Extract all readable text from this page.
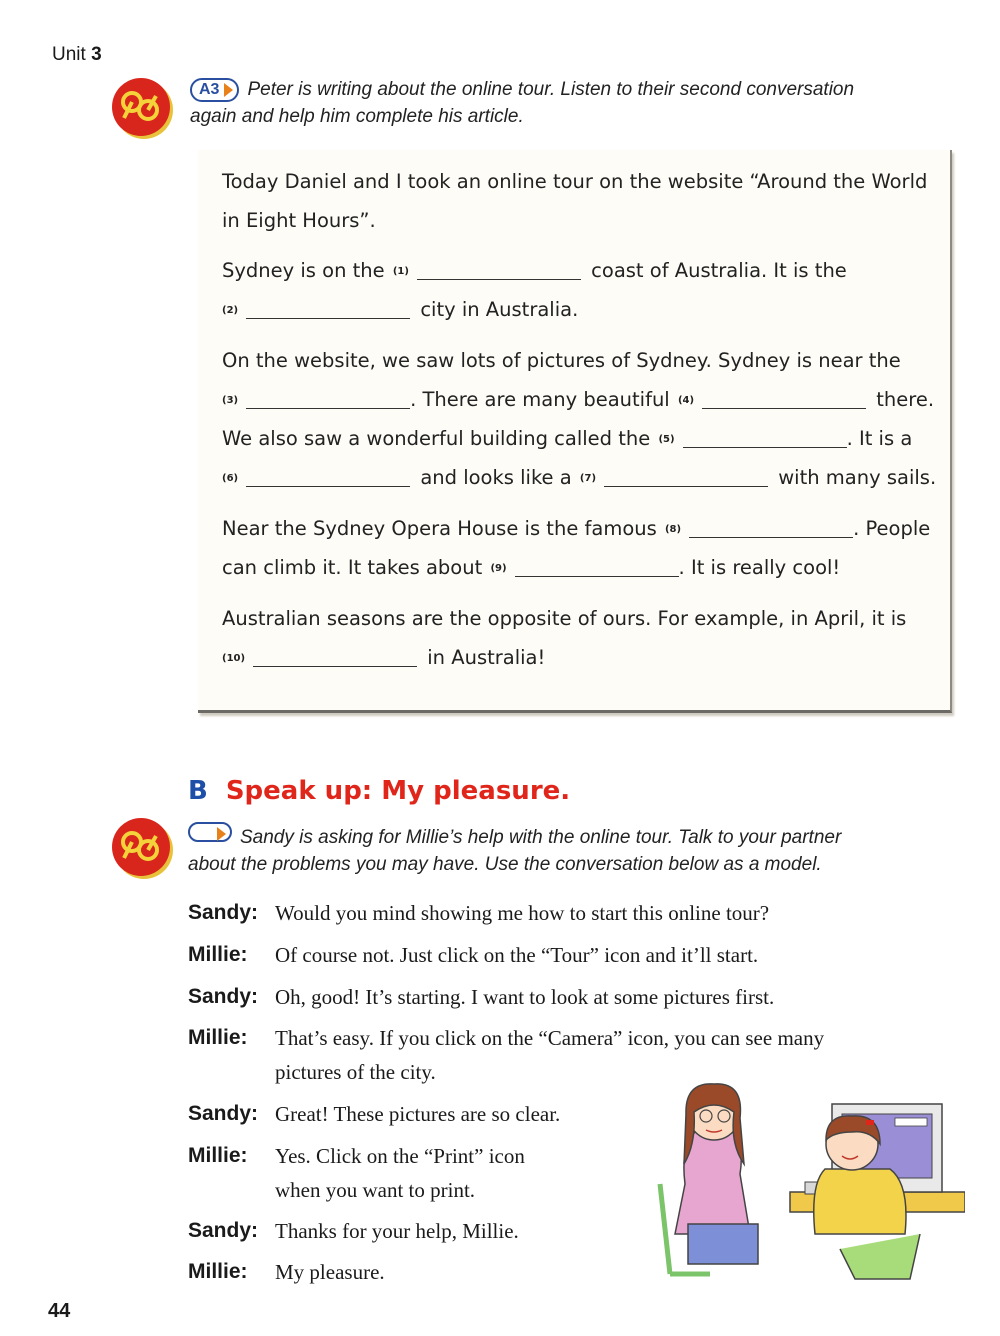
Unit 3
A3 Peter is writing about the online tour. Listen to their second conversation
again and help him complete his article.
Today Daniel and I took an online tour on the website “Around the World
in Eight Hours”.
Sydney is on the (1)	coast of Australia. It is the
(2)	city in Australia.
On the website, we saw lots of pictures of Sydney. Sydney is near the
(3)	. There are many beautiful (4)	there.
We also saw a wonderful building called the (5)	. It is a
(6)	and looks like a (7)	with many sails.
Near the Sydney Opera House is the famous (8)	. People
can climb it. It takes about (9)	. It is really cool!
Australian seasons are the opposite of ours. For example, in April, it is
(10)	in Australia!
B Speak up: My pleasure.
Sandy is asking for Millie’s help with the online tour. Talk to your partner
about the problems you may have. Use the conversation below as a model.
Sandy: Would you mind showing me how to start this online tour?
Millie: Of course not. Just click on the “Tour” icon and it’ll start.
Sandy: Oh, good! It’s starting. I want to look at some pictures first.
Millie: That’s easy. If you click on the “Camera” icon, you can see many
pictures of the city.
Sandy: Great! These pictures are so clear.
Millie: Yes. Click on the “Print” icon
when you want to print.
Sandy: Thanks for your help, Millie.
Millie: My pleasure.
44
